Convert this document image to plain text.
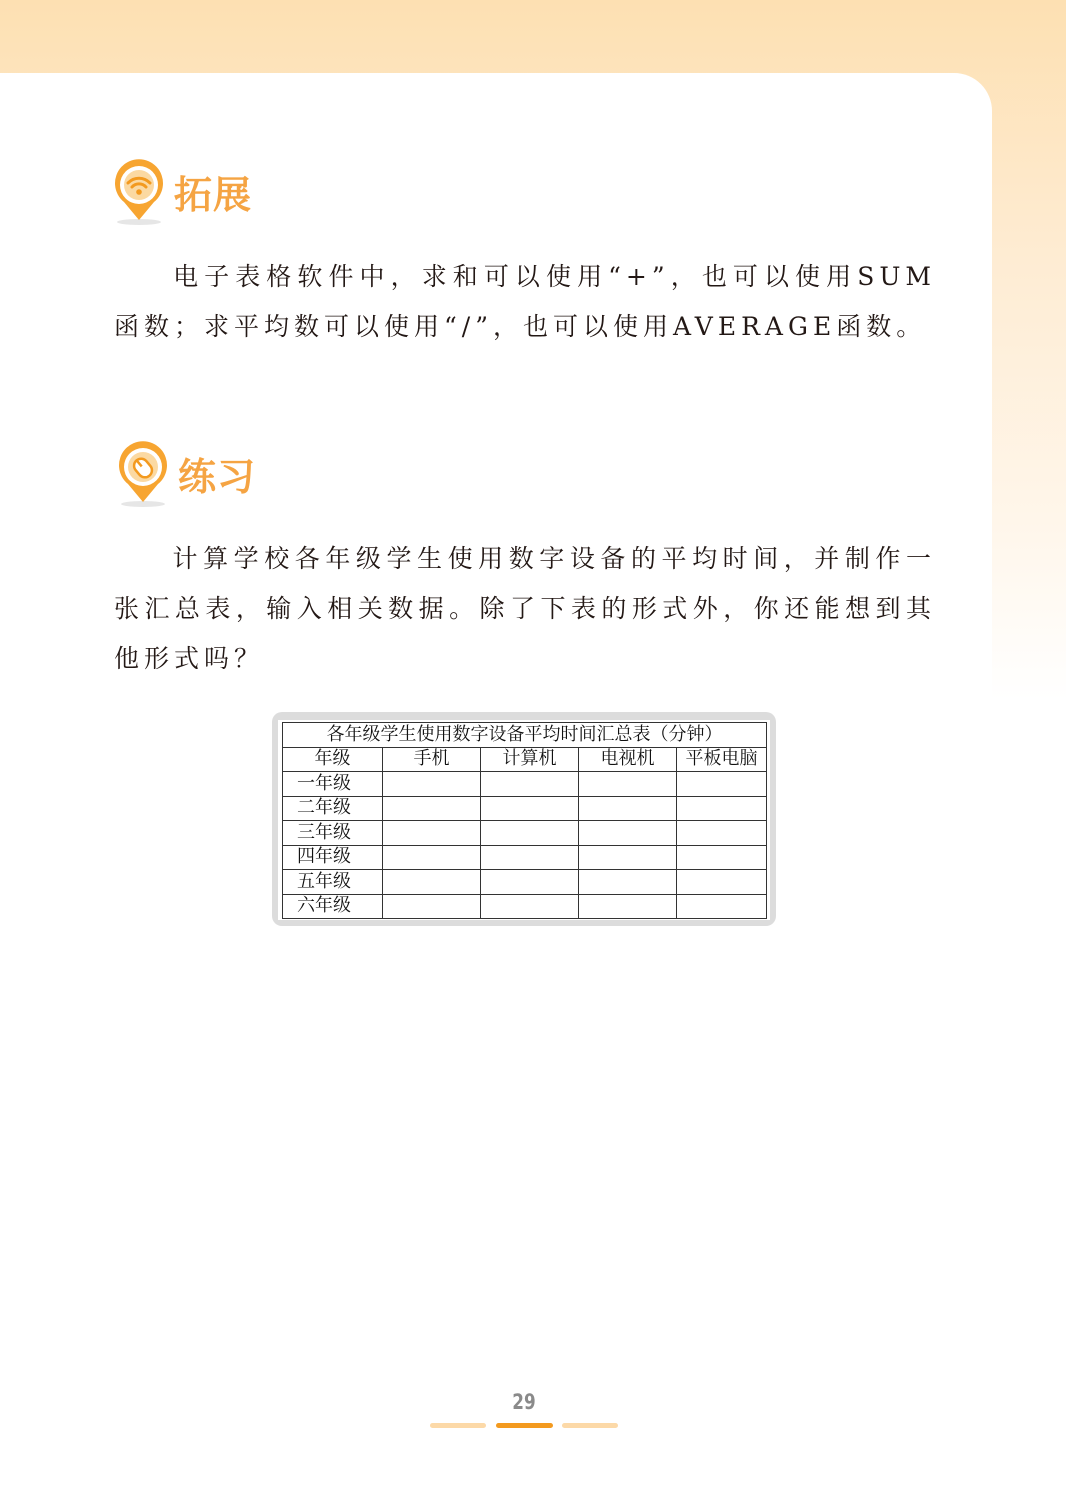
拓展

电子表格软件中，求和可以使用“+”，也可以使用SUM函数；求平均数可以使用“/”，也可以使用AVERAGE函数。

练习

计算学校各年级学生使用数字设备的平均时间，并制作一张汇总表，输入相关数据。除了下表的形式外，你还能想到其他形式吗？

各年级学生使用数字设备平均时间汇总表（分钟）				
年级	手机	计算机	电视机	平板电脑
一年级				
二年级				
三年级				
四年级				
五年级				
六年级				
29
